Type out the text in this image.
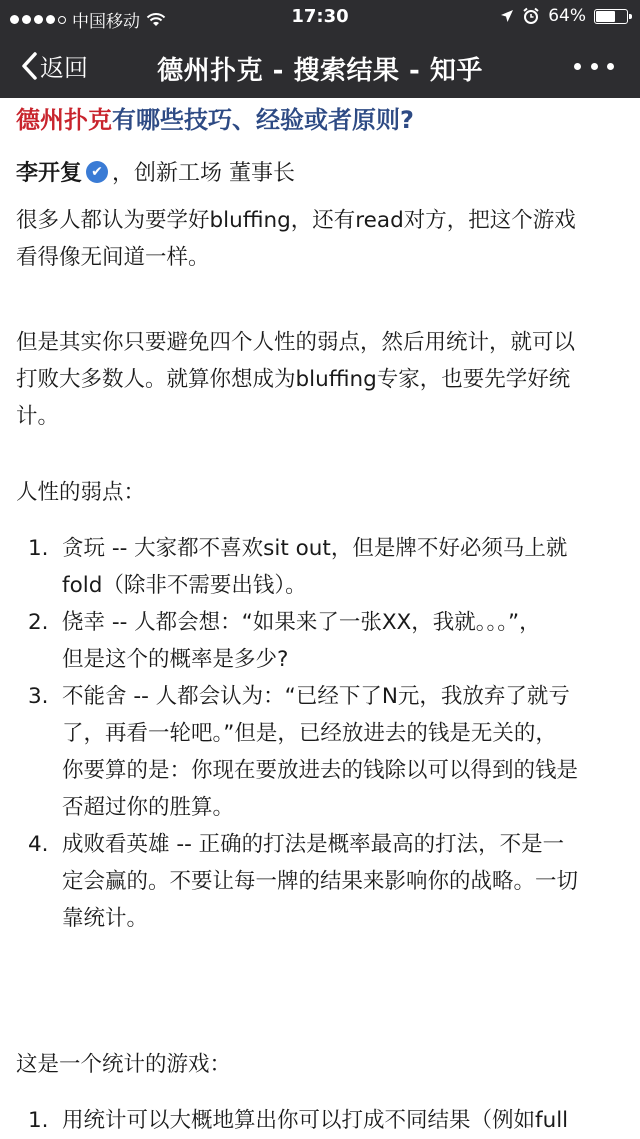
中国移动	17:30	64%
返回	德州扑克 - 搜索结果 - 知乎
德州扑克有哪些技巧、经验或者原则?
李开复 ✔ ，创新工场 董事长
很多人都认为要学好bluffing，还有read对方，把这个游戏
看得像无间道一样。
但是其实你只要避免四个人性的弱点，然后用统计，就可以
打败大多数人。就算你想成为bluffing专家，也要先学好统
计。
人性的弱点：
1. 贪玩 -- 大家都不喜欢sit out，但是牌不好必须马上就
fold（除非不需要出钱）。
2. 侥幸 -- 人都会想：“如果来了一张XX，我就。。。”，
但是这个的概率是多少?
3. 不能舍 -- 人都会认为：“已经下了N元，我放弃了就亏
了，再看一轮吧。”但是，已经放进去的钱是无关的，
你要算的是：你现在要放进去的钱除以可以得到的钱是
否超过你的胜算。
4. 成败看英雄 -- 正确的打法是概率最高的打法，不是一
定会赢的。不要让每一牌的结果来影响你的战略。一切
靠统计。
这是一个统计的游戏：
1. 用统计可以大概地算出你可以打成不同结果（例如full
